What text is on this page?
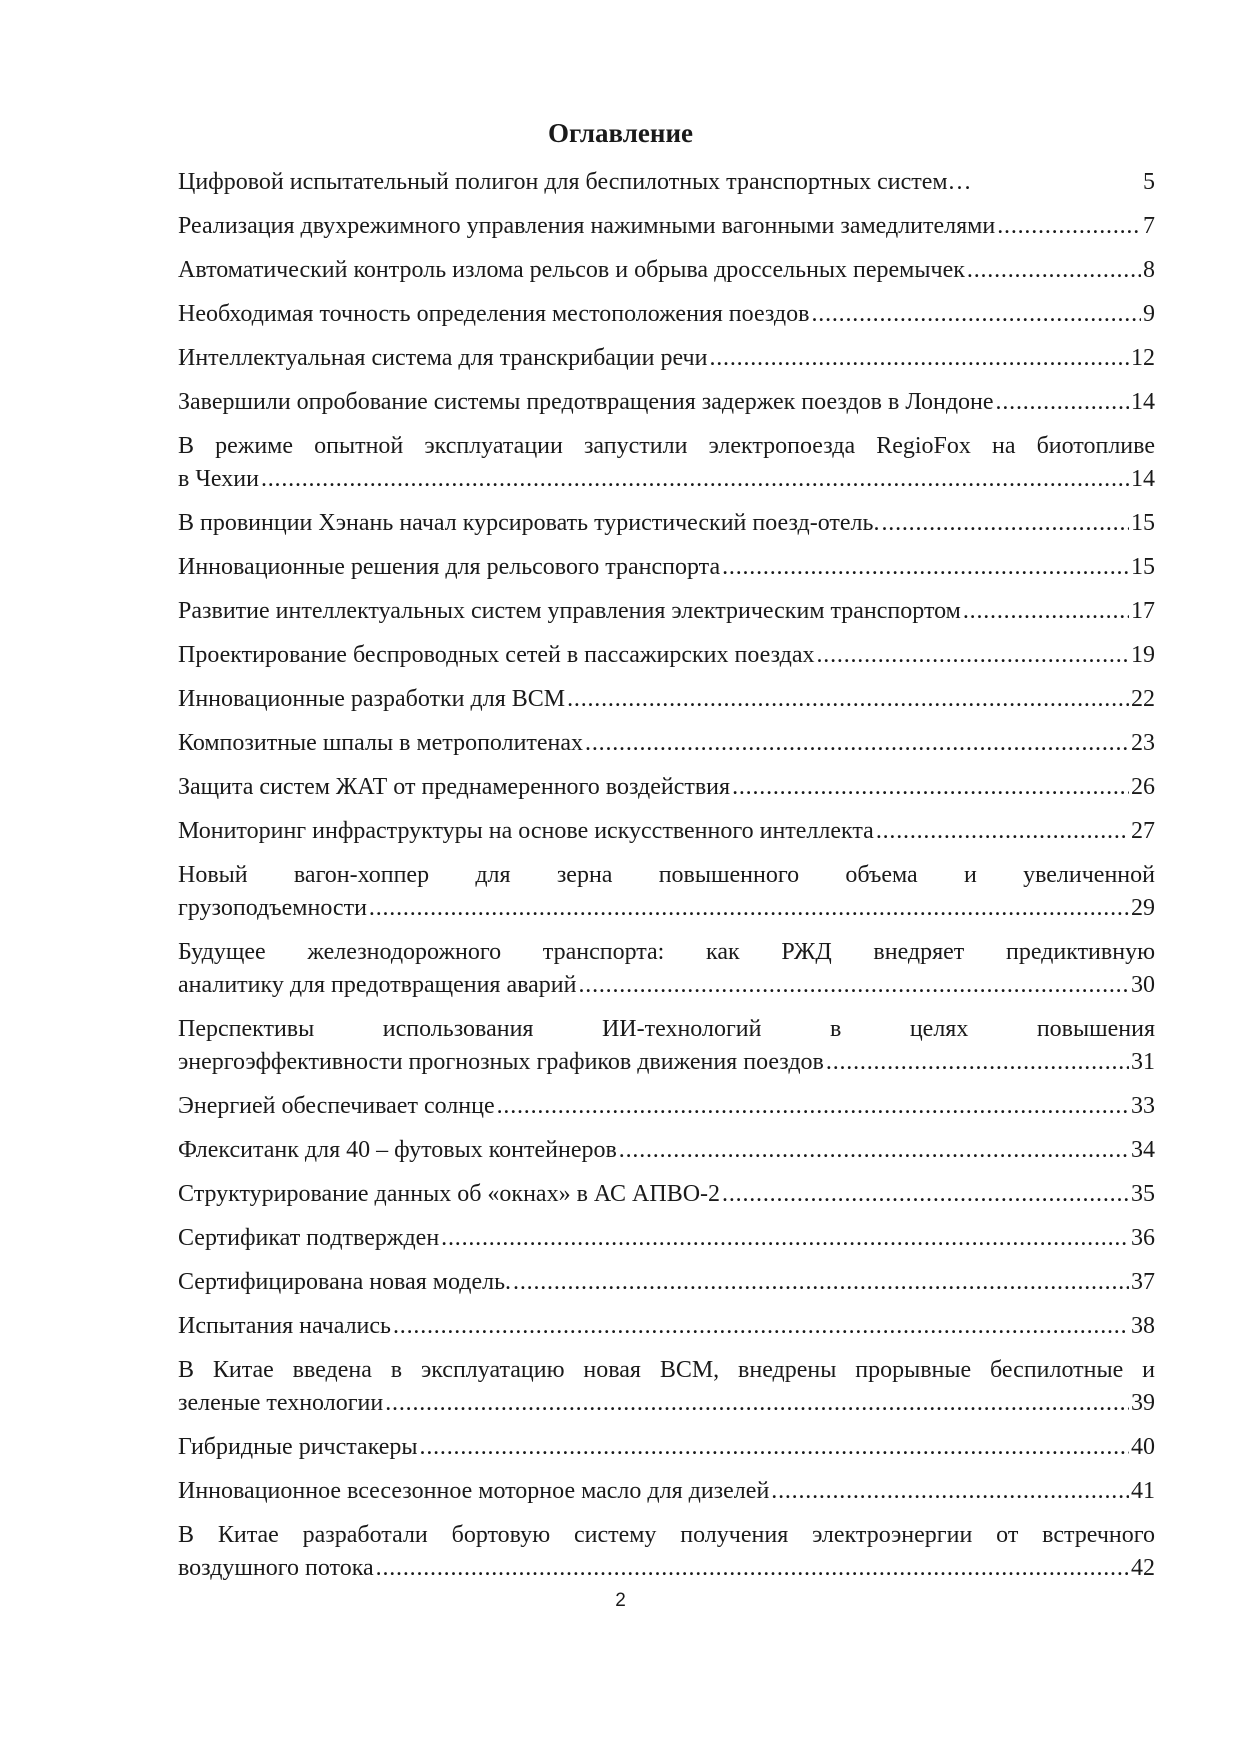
Оглавление
Цифровой испытательный полигон для беспилотных транспортных систем…	5
Реализация двухрежимного управления нажимными вагонными замедлителями . . .	7
Автоматический контроль излома рельсов и обрыва дроссельных перемычек . . .	8
Необходимая точность определения местоположения поездов . . .	9
Интеллектуальная система для транскрибации речи . . .	12
Завершили опробование системы предотвращения задержек поездов в Лондоне . . .	14
В режиме опытной эксплуатации запустили электропоезда RegioFox на биотопливе
в Чехии . . .	14
В провинции Хэнань начал курсировать туристический поезд-отель. . . .	15
Инновационные решения для рельсового транспорта . . .	15
Развитие интеллектуальных систем управления электрическим транспортом . . .	17
Проектирование беспроводных сетей в пассажирских поездах . . .	19
Инновационные разработки для ВСМ . . .	22
Композитные шпалы в метрополитенах . . .	23
Защита систем ЖАТ от преднамеренного воздействия . . .	26
Мониторинг инфраструктуры на основе искусственного интеллекта . . .	27
Новый вагон-хоппер для зерна повышенного объема и увеличенной
грузоподъемности . . .	29
Будущее железнодорожного транспорта: как РЖД внедряет предиктивную
аналитику для предотвращения аварий . . .	30
Перспективы использования ИИ-технологий в целях повышения
энергоэффективности прогнозных графиков движения поездов . . .	31
Энергией обеспечивает солнце . . .	33
Флекситанк для 40 – футовых контейнеров . . .	34
Структурирование данных об «окнах» в АС АПВО-2 . . .	35
Сертификат подтвержден . . .	36
Сертифицирована новая модель. . . .	37
Испытания начались . . .	38
В Китае введена в эксплуатацию новая ВСМ, внедрены прорывные беспилотные и
зеленые технологии . . .	39
Гибридные ричстакеры . . .	40
Инновационное всесезонное моторное масло для дизелей . . .	41
В Китае разработали бортовую систему получения электроэнергии от встречного
воздушного потока . . .	42
2
